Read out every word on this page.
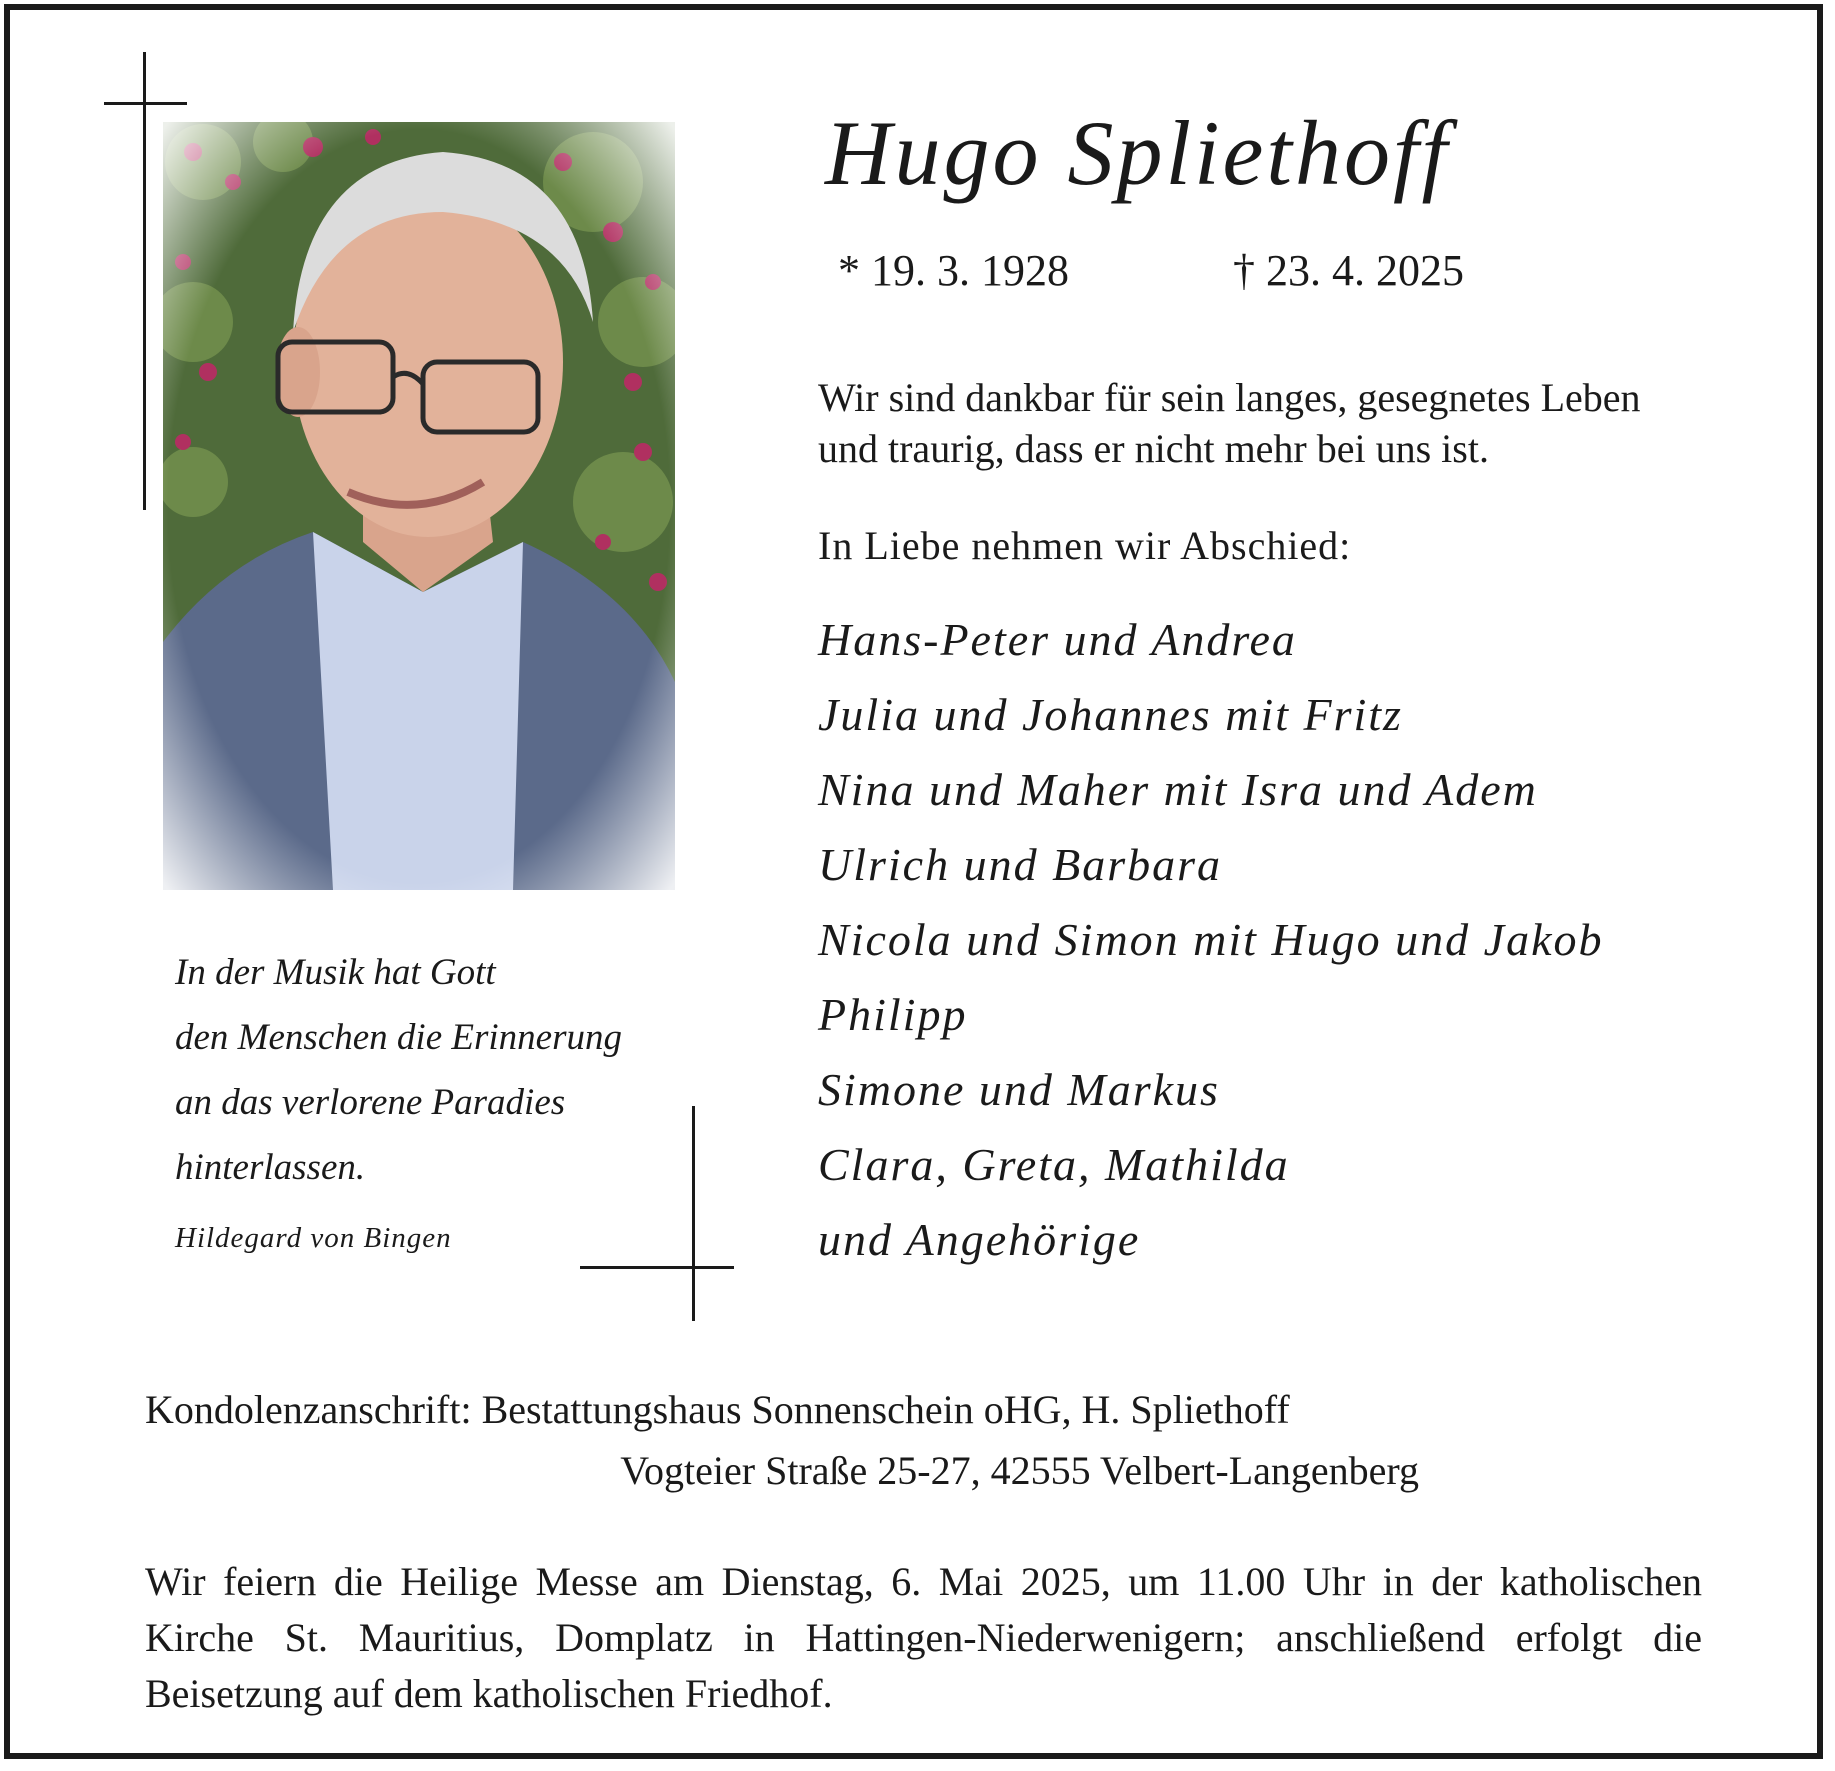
In der Musik hat Gott
den Menschen die Erinnerung
an das verlorene Paradies
hinterlassen.
Hildegard von Bingen
Hugo Spliethoff
* 19. 3. 1928	† 23. 4. 2025
Wir sind dankbar für sein langes, gesegnetes Leben
und traurig, dass er nicht mehr bei uns ist.
In Liebe nehmen wir Abschied:
Hans-Peter und Andrea
Julia und Johannes mit Fritz
Nina und Maher mit Isra und Adem
Ulrich und Barbara
Nicola und Simon mit Hugo und Jakob
Philipp
Simone und Markus
Clara, Greta, Mathilda
und Angehörige
Kondolenzanschrift: Bestattungshaus Sonnenschein oHG, H. Spliethoff
Vogteier Straße 25-27, 42555 Velbert-Langenberg
Wir feiern die Heilige Messe am Dienstag, 6. Mai 2025, um 11.00 Uhr in der katholischen Kirche St. Mauritius, Domplatz in Hattingen-Niederwenigern; anschließend erfolgt die Beisetzung auf dem katholischen Friedhof.
